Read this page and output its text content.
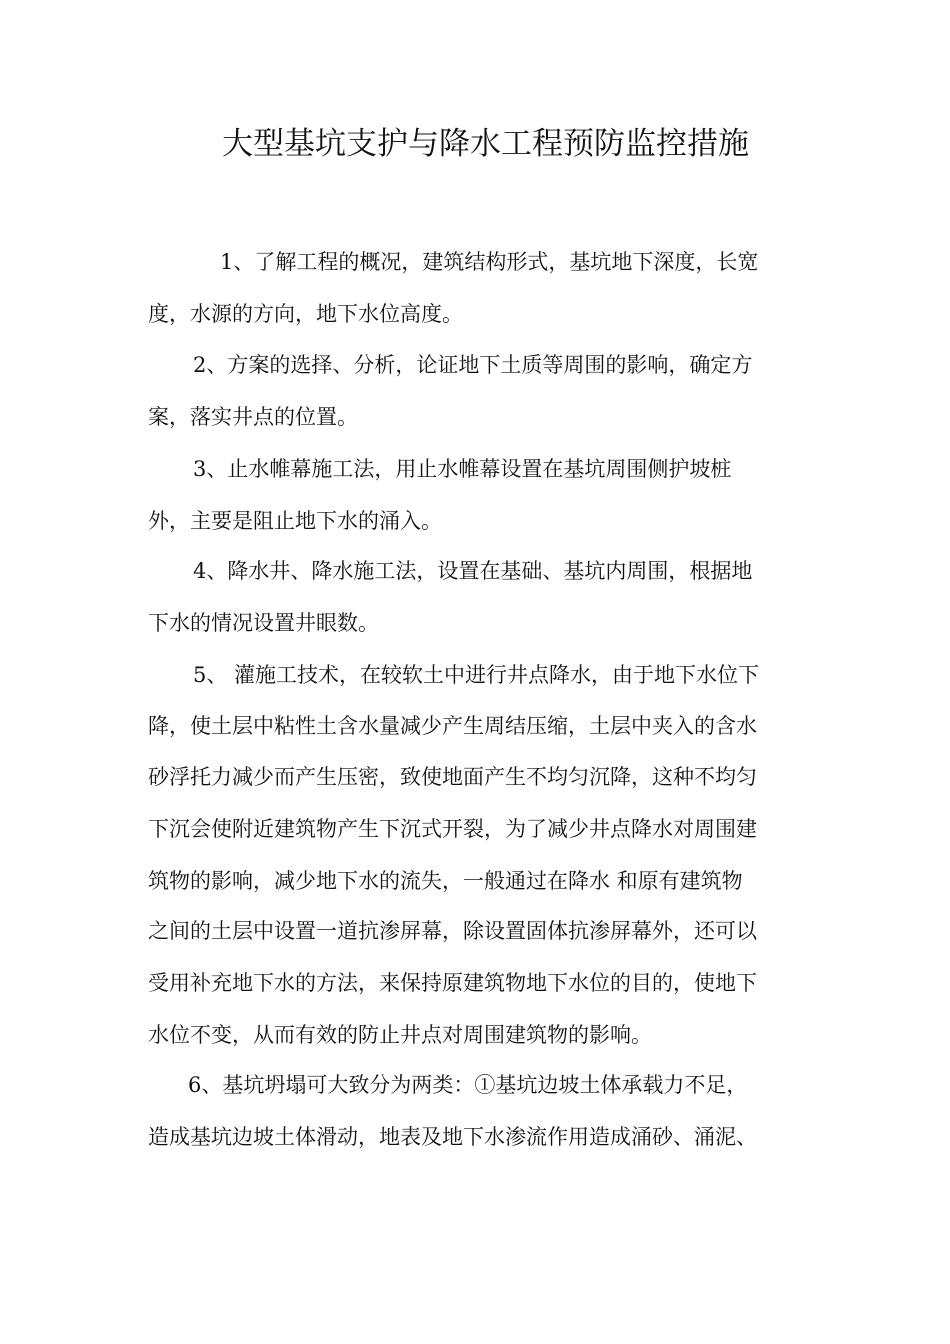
大型基坑支护与降水工程预防监控措施

1、了解工程的概况，建筑结构形式，基坑地下深度，长宽

度，水源的方向，地下水位高度。

2、方案的选择、分析，论证地下土质等周围的影响，确定方

案，落实井点的位置。

3、止水帷幕施工法，用止水帷幕设置在基坑周围侧护坡桩

外，主要是阻止地下水的涌入。

4、降水井、降水施工法，设置在基础、基坑内周围，根据地

下水的情况设置井眼数。

5、 灌施工技术，在较软土中进行井点降水，由于地下水位下

降，使土层中粘性土含水量减少产生周结压缩，土层中夹入的含水

砂浮托力减少而产生压密，致使地面产生不均匀沉降，这种不均匀

下沉会使附近建筑物产生下沉式开裂，为了减少井点降水对周围建

筑物的影响，减少地下水的流失，一般通过在降水 和原有建筑物

之间的土层中设置一道抗渗屏幕，除设置固体抗渗屏幕外，还可以

受用补充地下水的方法，来保持原建筑物地下水位的目的，使地下

水位不变，从而有效的防止井点对周围建筑物的影响。

6、基坑坍塌可大致分为两类：①基坑边坡土体承载力不足，

造成基坑边坡土体滑动，地表及地下水渗流作用造成涌砂、涌泥、
